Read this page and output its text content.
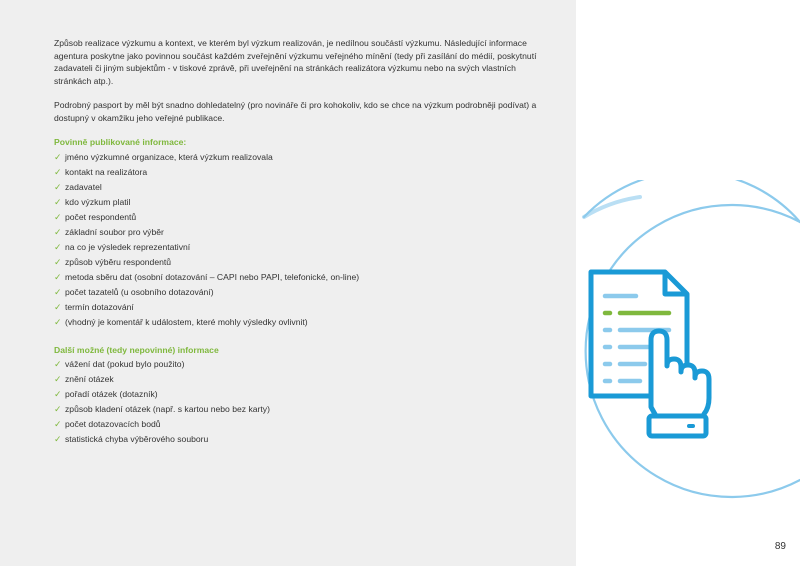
Způsob realizace výzkumu a kontext, ve kterém byl výzkum realizován, je nedílnou součástí výzkumu. Následující informace agentura poskytne jako povinnou součást každém zveřejnění výzkumu veřejného mínění (tedy při zasílání do médií, poskytnutí zadavateli či jiným subjektům - v tiskové zprávě, při uveřejnění na stránkách realizátora výzkumu nebo na svých vlastních stránkách atp.).

Podrobný pasport by měl být snadno dohledatelný (pro novináře či pro kohokoliv, kdo se chce na výzkum podrobněji podívat) a dostupný v okamžiku jeho veřejné publikace.

Povinně publikované informace:
✓ jméno výzkumné organizace, která výzkum realizovala
✓ kontakt na realizátora
✓ zadavatel
✓ kdo výzkum platil
✓ počet respondentů
✓ základní soubor pro výběr
✓ na co je výsledek reprezentativní
✓ způsob výběru respondentů
✓ metoda sběru dat (osobní dotazování – CAPI nebo PAPI, telefonické, on-line)
✓ počet tazatelů (u osobního dotazování)
✓ termín dotazování
✓ (vhodný je komentář k událostem, které mohly výsledky ovlivnit)
Další možné (tedy nepovinné) informace
✓ vážení dat (pokud bylo použito)
✓ znění otázek
✓ pořadí otázek (dotazník)
✓ způsob kladení otázek (např. s kartou nebo bez karty)
✓ počet dotazovacích bodů
✓ statistická chyba výběrového souboru
89
